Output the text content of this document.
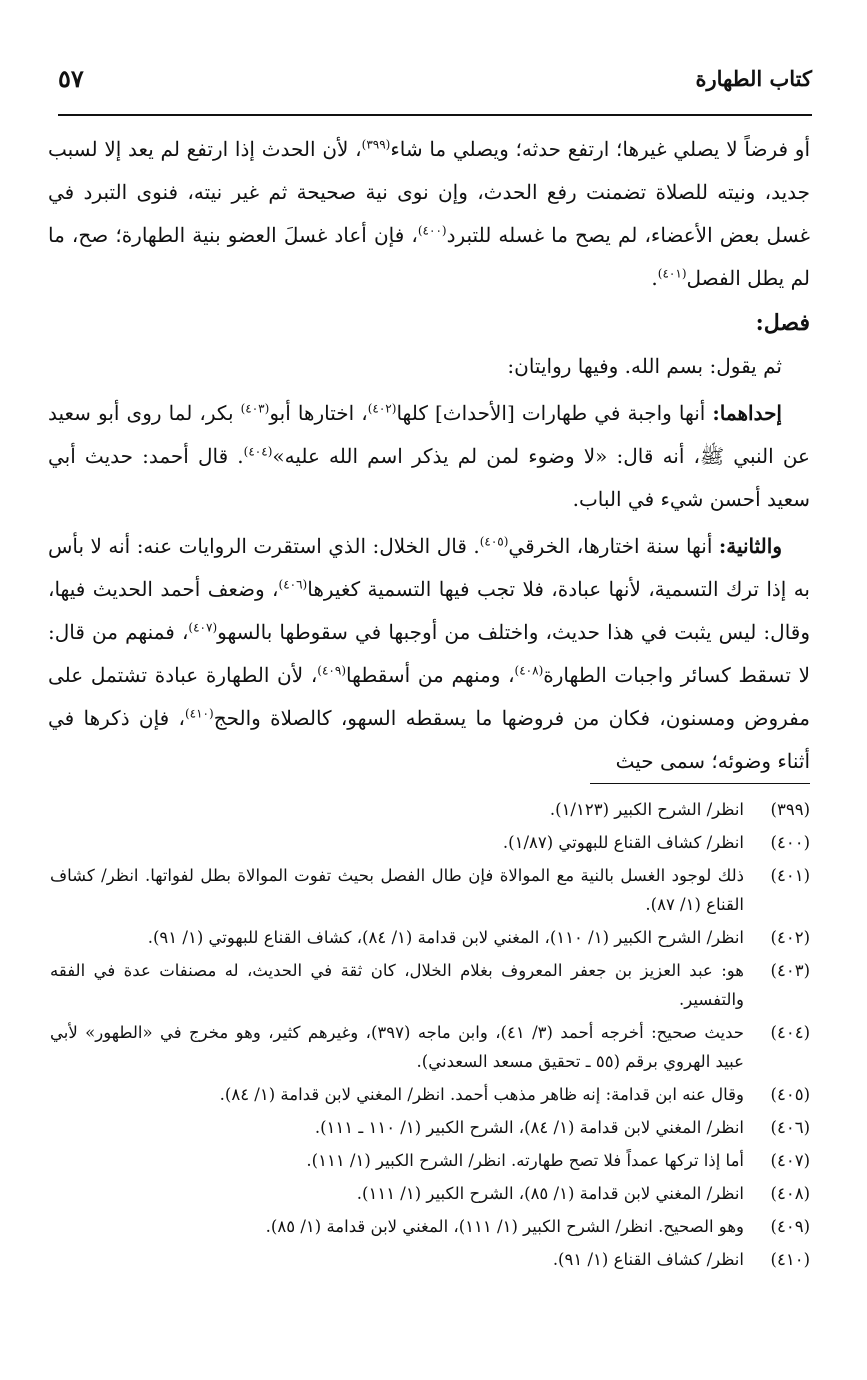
كتاب الطهارة
٥٧

أو فرضاً لا يصلي غيرها؛ ارتفع حدثه؛ ويصلي ما شاء$^{(٣٩٩)}$، لأن الحدث إذا ارتفع لم يعد إلا لسبب جديد، ونيته للصلاة تضمنت رفع الحدث، وإن نوى نية صحيحة ثم غير نيته، فنوى التبرد في غسل بعض الأعضاء، لم يصح ما غسله للتبرد$^{(٤٠٠)}$، فإن أعاد غسلَ العضو بنية الطهارة؛ صح، ما لم يطل الفصل$^{(٤٠١)}$.

فصل:

ثم يقول: بسم الله. وفيها روايتان:

إحداهما: أنها واجبة في طهارات [الأحداث] كلها$^{(٤٠٢)}$، اختارها أبو$^{(٤٠٣)}$ بكر، لما روى أبو سعيد عن النبي ﷺ، أنه قال: «لا وضوء لمن لم يذكر اسم الله عليه»$^{(٤٠٤)}$. قال أحمد: حديث أبي سعيد أحسن شيء في الباب.

والثانية: أنها سنة اختارها، الخرقي$^{(٤٠٥)}$. قال الخلال: الذي استقرت الروايات عنه: أنه لا بأس به إذا ترك التسمية، لأنها عبادة، فلا تجب فيها التسمية كغيرها$^{(٤٠٦)}$، وضعف أحمد الحديث فيها، وقال: ليس يثبت في هذا حديث، واختلف من أوجبها في سقوطها بالسهو$^{(٤٠٧)}$، فمنهم من قال: لا تسقط كسائر واجبات الطهارة$^{(٤٠٨)}$، ومنهم من أسقطها$^{(٤٠٩)}$، لأن الطهارة عبادة تشتمل على مفروض ومسنون، فكان من فروضها ما يسقطه السهو، كالصلاة والحج$^{(٤١٠)}$، فإن ذكرها في أثناء وضوئه؛ سمى حيث

(٣٩٩)
انظر/ الشرح الكبير (١/١٢٣).
(٤٠٠)
انظر/ كشاف القناع للبهوتي (١/٨٧).
(٤٠١)
ذلك لوجود الغسل بالنية مع الموالاة فإن طال الفصل بحيث تفوت الموالاة بطل لفواتها. انظر/ كشاف القناع (١/ ٨٧).
(٤٠٢)
انظر/ الشرح الكبير (١/ ١١٠)، المغني لابن قدامة (١/ ٨٤)، كشاف القناع للبهوتي (١/ ٩١).
(٤٠٣)
هو: عبد العزيز بن جعفر المعروف بغلام الخلال، كان ثقة في الحديث، له مصنفات عدة في الفقه والتفسير.
(٤٠٤)
حديث صحيح: أخرجه أحمد (٣/ ٤١)، وابن ماجه (٣٩٧)، وغيرهم كثير، وهو مخرج في «الطهور» لأبي عبيد الهروي برقم (٥٥ ـ تحقيق مسعد السعدني).
(٤٠٥)
وقال عنه ابن قدامة: إنه ظاهر مذهب أحمد. انظر/ المغني لابن قدامة (١/ ٨٤).
(٤٠٦)
انظر/ المغني لابن قدامة (١/ ٨٤)، الشرح الكبير (١/ ١١٠ ـ ١١١).
(٤٠٧)
أما إذا تركها عمداً فلا تصح طهارته. انظر/ الشرح الكبير (١/ ١١١).
(٤٠٨)
انظر/ المغني لابن قدامة (١/ ٨٥)، الشرح الكبير (١/ ١١١).
(٤٠٩)
وهو الصحيح. انظر/ الشرح الكبير (١/ ١١١)، المغني لابن قدامة (١/ ٨٥).
(٤١٠)
انظر/ كشاف القناع (١/ ٩١).
